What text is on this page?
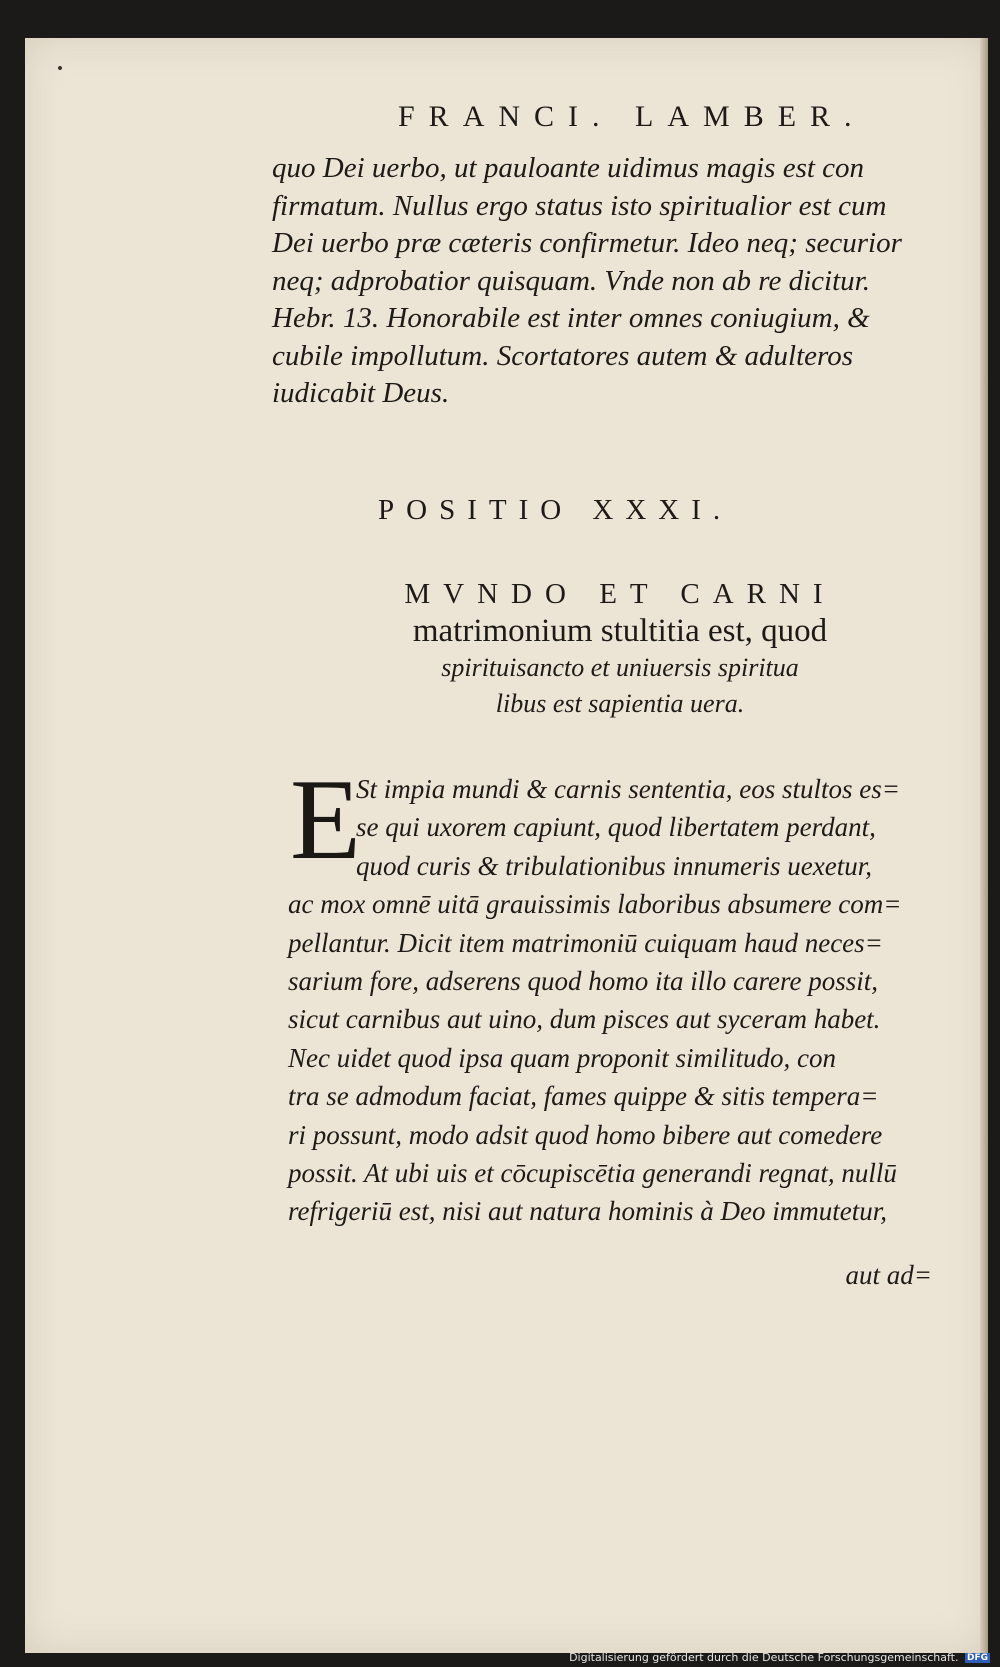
FRANCI. LAMBER.
quo Dei uerbo, ut pauloante uidimus magis est con
firmatum. Nullus ergo status isto spiritualior est cum
Dei uerbo præ cæteris confirmetur. Ideo neq; securior
neq; adprobatior quisquam. Vnde non ab re dicitur.
Hebr. 13. Honorabile est inter omnes coniugium, &
cubile impollutum. Scortatores autem & adulteros
iudicabit Deus.
POSITIO XXXI.
MVNDO ET CARNI
matrimonium stultitia est, quod
spirituisancto et uniuersis spiritua
libus est sapientia uera.
E
St impia mundi & carnis sententia, eos stultos es=
se qui uxorem capiunt, quod libertatem perdant,
quod curis & tribulationibus innumeris uexetur,
ac mox omnē uitā grauissimis laboribus absumere com=
pellantur. Dicit item matrimoniū cuiquam haud neces=
sarium fore, adserens quod homo ita illo carere possit,
sicut carnibus aut uino, dum pisces aut syceram habet.
Nec uidet quod ipsa quam proponit similitudo, con
tra se admodum faciat, fames quippe & sitis tempera=
ri possunt, modo adsit quod homo bibere aut comedere
possit. At ubi uis et cōcupiscētia generandi regnat, nullū
refrigeriū est, nisi aut natura hominis à Deo immutetur,
aut ad=
Digitalisierung gefördert durch die Deutsche Forschungsgemeinschaft. DFG
